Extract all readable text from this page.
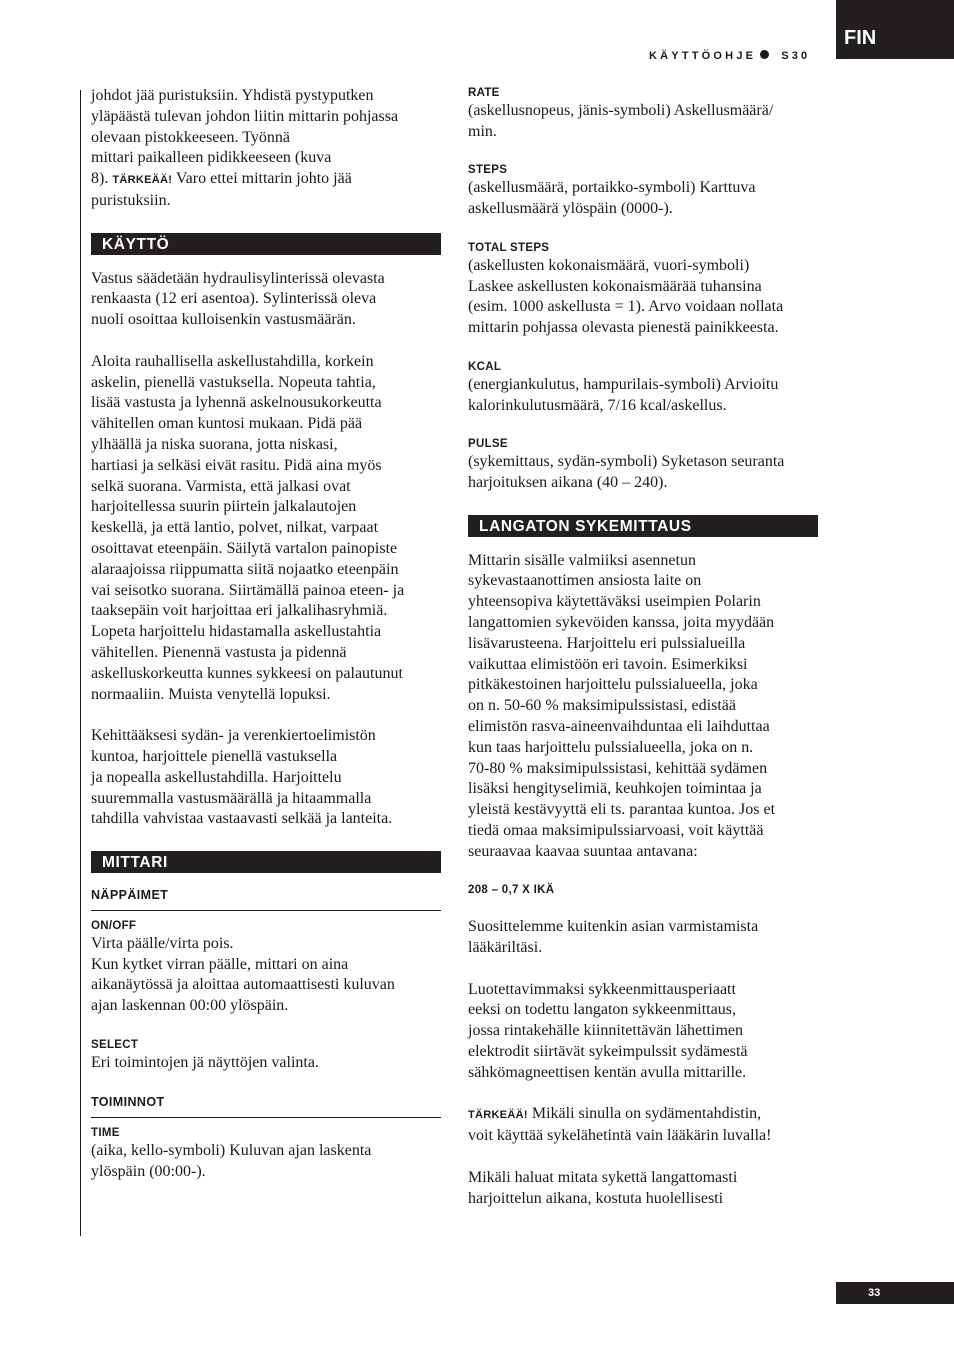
FIN
KÄYTTÖOHJE S30

johdot jää puristuksiin. Yhdistä pystyputken
yläpäästä tulevan johdon liitin mittarin pohjassa
olevaan pistokkeeseen. Työnnä
mittari paikalleen pidikkeeseen (kuva
8). TÄRKEÄÄ! Varo ettei mittarin johto jää
puristuksiin.

KÄYTTÖ

Vastus säädetään hydraulisylinterissä olevasta
renkaasta (12 eri asentoa). Sylinterissä oleva
nuoli osoittaa kulloisenkin vastusmäärän.

Aloita rauhallisella askellustahdilla, korkein
askelin, pienellä vastuksella. Nopeuta tahtia,
lisää vastusta ja lyhennä askelnousukorkeutta
vähitellen oman kuntosi mukaan. Pidä pää
ylhäällä ja niska suorana, jotta niskasi,
hartiasi ja selkäsi eivät rasitu. Pidä aina myös
selkä suorana. Varmista, että jalkasi ovat
harjoitellessa suurin piirtein jalkalautojen
keskellä, ja että lantio, polvet, nilkat, varpaat
osoittavat eteenpäin. Säilytä vartalon painopiste
alaraajoissa riippumatta siitä nojaatko eteenpäin
vai seisotko suorana. Siirtämällä painoa eteen- ja
taaksepäin voit harjoittaa eri jalkalihasryhmiä.
Lopeta harjoittelu hidastamalla askellustahtia
vähitellen. Pienennä vastusta ja pidennä
askelluskorkeutta kunnes sykkeesi on palautunut
normaaliin. Muista venytellä lopuksi.

Kehittääksesi sydän- ja verenkiertoelimistön
kuntoa, harjoittele pienellä vastuksella
ja nopealla askellustahdilla. Harjoittelu
suuremmalla vastusmäärällä ja hitaammalla
tahdilla vahvistaa vastaavasti selkää ja lanteita.

MITTARI
NÄPPÄIMET

ON/OFF

Virta päälle/virta pois.
Kun kytket virran päälle, mittari on aina
aikanäytössä ja aloittaa automaattisesti kuluvan
ajan laskennan 00:00 ylöspäin.

SELECT

Eri toimintojen jä näyttöjen valinta.

TOIMINNOT

TIME

(aika, kello-symboli) Kuluvan ajan laskenta
ylöspäin (00:00-).

RATE

(askellusnopeus, jänis-symboli) Askellusmäärä/
min.

STEPS

(askellusmäärä, portaikko-symboli) Karttuva
askellusmäärä ylöspäin (0000-).

TOTAL STEPS

(askellusten kokonaismäärä, vuori-symboli)
Laskee askellusten kokonaismäärää tuhansina
(esim. 1000 askellusta = 1). Arvo voidaan nollata
mittarin pohjassa olevasta pienestä painikkeesta.

KCAL

(energiankulutus, hampurilais-symboli) Arvioitu
kalorinkulutusmäärä, 7/16 kcal/askellus.

PULSE

(sykemittaus, sydän-symboli) Syketason seuranta
harjoituksen aikana (40 – 240).

LANGATON SYKEMITTAUS

Mittarin sisälle valmiiksi asennetun
sykevastaanottimen ansiosta laite on
yhteensopiva käytettäväksi useimpien Polarin
langattomien sykevöiden kanssa, joita myydään
lisävarusteena. Harjoittelu eri pulssialueilla
vaikuttaa elimistöön eri tavoin. Esimerkiksi
pitkäkestoinen harjoittelu pulssialueella, joka
on n. 50-60 % maksimipulssistasi, edistää
elimistön rasva-aineenvaihduntaa eli laihduttaa
kun taas harjoittelu pulssialueella, joka on n.
70-80 % maksimipulssistasi, kehittää sydämen
lisäksi hengityselimiä, keuhkojen toimintaa ja
yleistä kestävyyttä eli ts. parantaa kuntoa. Jos et
tiedä omaa maksimipulssiarvoasi, voit käyttää
seuraavaa kaavaa suuntaa antavana:

208 – 0,7 X IKÄ

Suosittelemme kuitenkin asian varmistamista
lääkäriltäsi.

Luotettavimmaksi sykkeenmittausperiaatt
eeksi on todettu langaton sykkeenmittaus,
jossa rintakehälle kiinnitettävän lähettimen
elektrodit siirtävät sykeimpulssit sydämestä
sähkömagneettisen kentän avulla mittarille.

TÄRKEÄÄ! Mikäli sinulla on sydämentahdistin,
voit käyttää sykelähetintä vain lääkärin luvalla!

Mikäli haluat mitata sykettä langattomasti
harjoittelun aikana, kostuta huolellisesti

33
